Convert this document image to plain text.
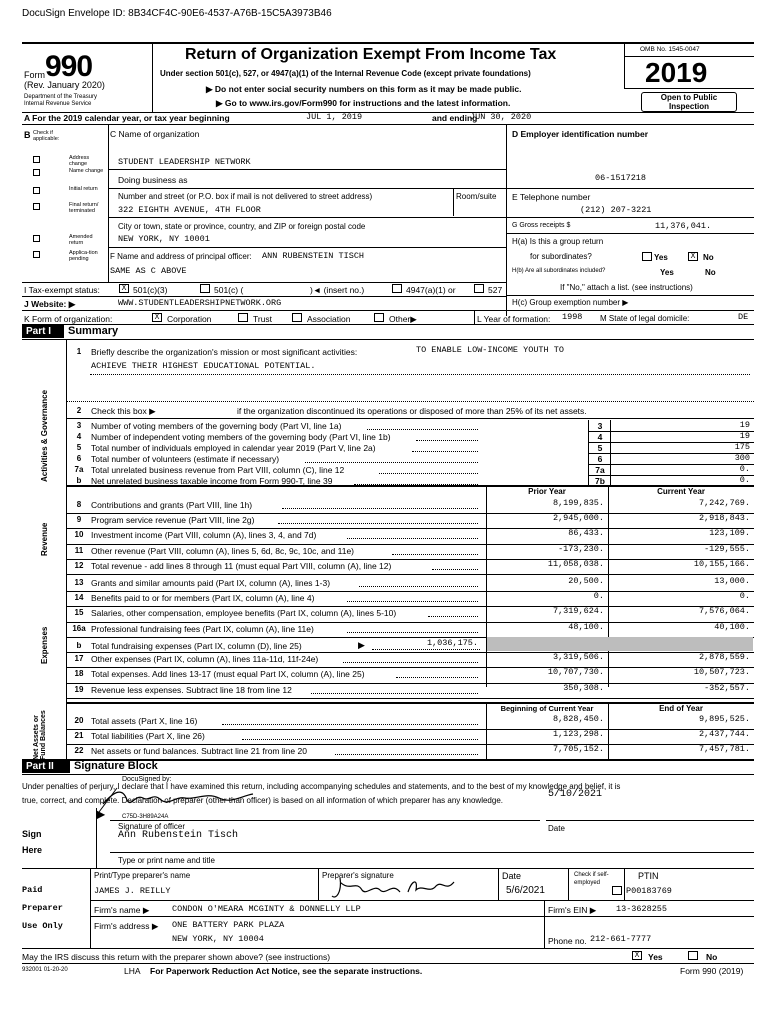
DocuSign Envelope ID: 8B34CF4C-90E6-4537-A76B-15C5A3973B46
Form 990
(Rev. January 2020)
Department of the Treasury
Internal Revenue Service
Return of Organization Exempt From Income Tax
Under section 501(c), 527, or 4947(a)(1) of the Internal Revenue Code (except private foundations)
▶ Do not enter social security numbers on this form as it may be made public.
▶ Go to www.irs.gov/Form990 for instructions and the latest information.
OMB No. 1545-0047
2019
Open to Public
Inspection
A For the 2019 calendar year, or tax year beginning	JUL 1, 2019	and ending
JUN 30, 2020
B Check if applicable:
Address change
Name change
Initial return
Final return/ terminated
Amended return
Applica-tion pending
C Name of organization
STUDENT LEADERSHIP NETWORK
Doing business as
Number and street (or P.O. box if mail is not delivered to street address)	Room/suite
322 EIGHTH AVENUE, 4TH FLOOR
City or town, state or province, country, and ZIP or foreign postal code
NEW YORK, NY 10001
F Name and address of principal officer: ANN RUBENSTEIN TISCH
SAME AS C ABOVE
D Employer identification number
06-1517218
E Telephone number
(212) 207-3221
G Gross receipts $	11,376,041.
H(a) Is this a group return
for subordinates?	Yes	X No
H(b) Are all subordinates included?	Yes	No
If "No," attach a list. (see instructions)
H(c) Group exemption number ▶
I Tax-exempt status:	X 501(c)(3)	501(c) (	)◄ (insert no.)	4947(a)(1) or	527
J Website: ▶	WWW.STUDENTLEADERSHIPNETWORK.ORG
K Form of organization:	X Corporation	Trust	Association	Other▶	L Year of formation: 1998 M State of legal domicile:	DE
Part I	Summary
Activities & Governance
Revenue
Expenses
Net Assets or Fund Balances
1	Briefly describe the organization's mission or most significant activities:	TO ENABLE LOW-INCOME YOUTH TO
ACHIEVE THEIR HIGHEST EDUCATIONAL POTENTIAL.
2	Check this box ▶	if the organization discontinued its operations or disposed of more than 25% of its net assets.
3	Number of voting members of the governing body (Part VI, line 1a)	3	19
4	Number of independent voting members of the governing body (Part VI, line 1b)	4	19
5	Total number of individuals employed in calendar year 2019 (Part V, line 2a)	5	175
6	Total number of volunteers (estimate if necessary)	6	300
7a Total unrelated business revenue from Part VIII, column (C), line 12	7a	0.
b	Net unrelated business taxable income from Form 990-T, line 39	7b	0.
Prior Year	Current Year
8	Contributions and grants (Part VIII, line 1h)	8,199,835.	7,242,769.
9	Program service revenue (Part VIII, line 2g)	2,945,000.	2,918,843.
10 Investment income (Part VIII, column (A), lines 3, 4, and 7d)	86,433.	123,109.
11 Other revenue (Part VIII, column (A), lines 5, 6d, 8c, 9c, 10c, and 11e)	-173,230.	-129,555.
12 Total revenue - add lines 8 through 11 (must equal Part VIII, column (A), line 12)	11,058,038.	10,155,166.
13 Grants and similar amounts paid (Part IX, column (A), lines 1-3)	20,500.	13,000.
14 Benefits paid to or for members (Part IX, column (A), line 4)	0.	0.
15 Salaries, other compensation, employee benefits (Part IX, column (A), lines 5-10)	7,319,624.	7,576,064.
16a Professional fundraising fees (Part IX, column (A), line 11e)	48,100.	40,100.
b	Total fundraising expenses (Part IX, column (D), line 25)	▶	1,036,175.
17 Other expenses (Part IX, column (A), lines 11a-11d, 11f-24e)	3,319,506.	2,878,559.
18 Total expenses. Add lines 13-17 (must equal Part IX, column (A), line 25)	10,707,730.	10,507,723.
19 Revenue less expenses. Subtract line 18 from line 12	350,308.	-352,557.
Beginning of Current Year	End of Year
20 Total assets (Part X, line 16)	8,828,450.	9,895,525.
21 Total liabilities (Part X, line 26)	1,123,298.	2,437,744.
22 Net assets or fund balances. Subtract line 21 from line 20	7,705,152.	7,457,781.
Part II	Signature Block
Under penalties of perjury, I declare that I have examined this return, including accompanying schedules and statements, and to the best of my knowledge and belief, it is
true, correct, and complete. Declaration of preparer (other than officer) is based on all information of which preparer has any knowledge.
DocuSigned by:
C75D-3H89A24A
5/10/2021
▶
Sign
Here
Signature of officer	Date
Ann Rubenstein Tisch
Type or print name and title
Paid
Preparer
Use Only
Print/Type preparer's name	Preparer's signature	Date	Check if self-employed
PTIN
JAMES J. REILLY	5/6/2021	P00183769
Firm's name ▶	CONDON O'MEARA MCGINTY & DONNELLY LLP	Firm's EIN ▶ 13-3628255
Firm's address ▶ ONE BATTERY PARK PLAZA
NEW YORK, NY 10004	Phone no. 212-661-7777
May the IRS discuss this return with the preparer shown above? (see instructions)	X	Yes	No
932001 01-20-20	LHA For Paperwork Reduction Act Notice, see the separate instructions.	Form 990 (2019)
